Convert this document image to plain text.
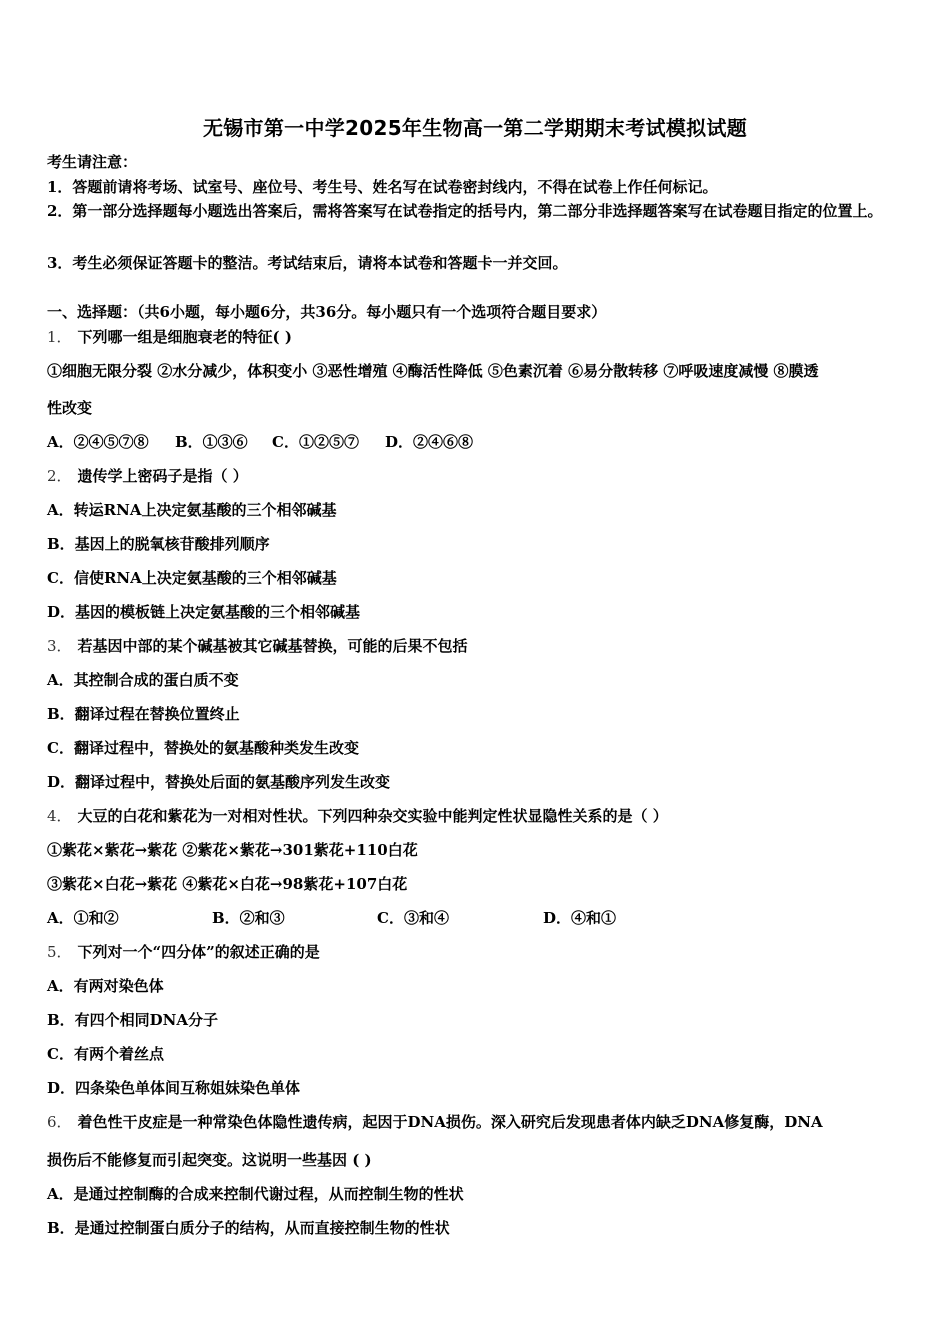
无锡市第一中学2025年生物高一第二学期期末考试模拟试题
考生请注意：
1．答题前请将考场、试室号、座位号、考生号、姓名写在试卷密封线内，不得在试卷上作任何标记。
2．第一部分选择题每小题选出答案后，需将答案写在试卷指定的括号内，第二部分非选择题答案写在试卷题目指定的位置上。
3．考生必须保证答题卡的整洁。考试结束后，请将本试卷和答题卡一并交回。
一、选择题：（共6小题，每小题6分，共36分。每小题只有一个选项符合题目要求）
1． 下列哪一组是细胞衰老的特征( )
①细胞无限分裂 ②水分减少，体积变小 ③恶性增殖 ④酶活性降低 ⑤色素沉着 ⑥易分散转移 ⑦呼吸速度减慢 ⑧膜透
性改变
A．②④⑤⑦⑧ B．①③⑥ C．①②⑤⑦ D．②④⑥⑧
2． 遗传学上密码子是指（ ）
A．转运RNA上决定氨基酸的三个相邻碱基
B．基因上的脱氧核苷酸排列顺序
C．信使RNA上决定氨基酸的三个相邻碱基
D．基因的模板链上决定氨基酸的三个相邻碱基
3． 若基因中部的某个碱基被其它碱基替换，可能的后果不包括
A．其控制合成的蛋白质不变
B．翻译过程在替换位置终止
C．翻译过程中，替换处的氨基酸种类发生改变
D．翻译过程中，替换处后面的氨基酸序列发生改变
4． 大豆的白花和紫花为一对相对性状。下列四种杂交实验中能判定性状显隐性关系的是（ ）
①紫花×紫花→紫花 ②紫花×紫花→301紫花+110白花
③紫花×白花→紫花 ④紫花×白花→98紫花+107白花
A．①和②	B．②和③	C．③和④	D．④和①
5． 下列对一个“四分体”的叙述正确的是
A．有两对染色体
B．有四个相同DNA分子
C．有两个着丝点
D．四条染色单体间互称姐妹染色单体
6． 着色性干皮症是一种常染色体隐性遗传病，起因于DNA损伤。深入研究后发现患者体内缺乏DNA修复酶，DNA
损伤后不能修复而引起突变。这说明一些基因 ( )
A．是通过控制酶的合成来控制代谢过程，从而控制生物的性状
B．是通过控制蛋白质分子的结构，从而直接控制生物的性状
